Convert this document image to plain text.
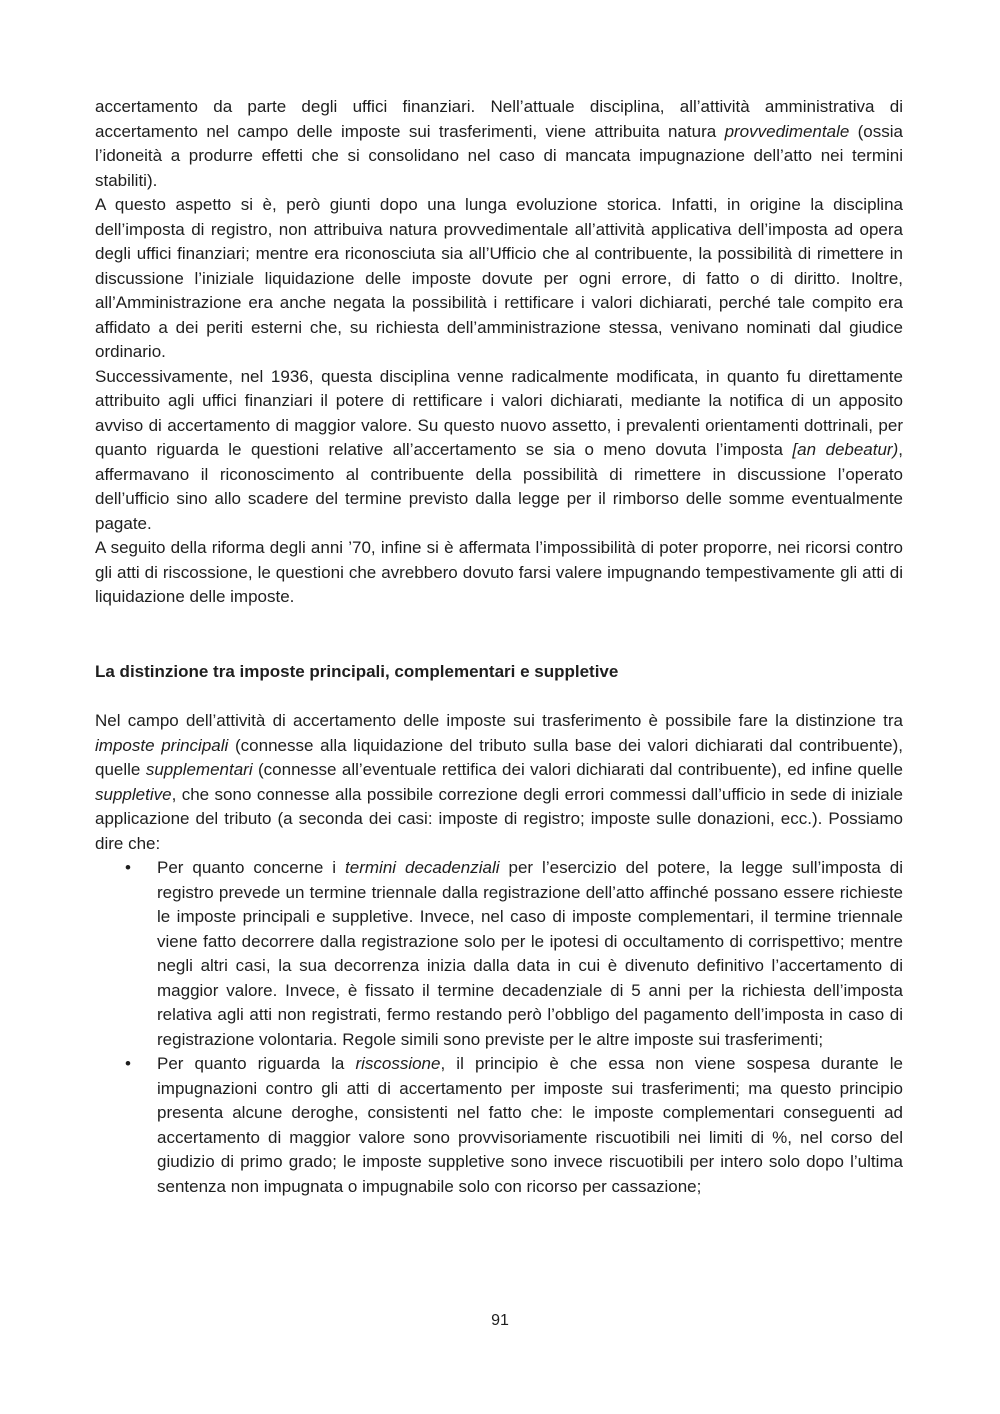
accertamento da parte degli uffici finanziari. Nell’attuale disciplina, all’attività amministrativa di accertamento nel campo delle imposte sui trasferimenti, viene attribuita natura provvedimentale (ossia l’idoneità a produrre effetti che si consolidano nel caso di mancata impugnazione dell’atto nei termini stabiliti).

A questo aspetto si è, però giunti dopo una lunga evoluzione storica. Infatti, in origine la disciplina dell’imposta di registro, non attribuiva natura provvedimentale all’attività applicativa dell’imposta ad opera degli uffici finanziari; mentre era riconosciuta sia all’Ufficio che al contribuente, la possibilità di rimettere in discussione l’iniziale liquidazione delle imposte dovute per ogni errore, di fatto o di diritto. Inoltre, all’Amministrazione era anche negata la possibilità i rettificare i valori dichiarati, perché tale compito era affidato a dei periti esterni che, su richiesta dell’amministrazione stessa, venivano nominati dal giudice ordinario.

Successivamente, nel 1936, questa disciplina venne radicalmente modificata, in quanto fu direttamente attribuito agli uffici finanziari il potere di rettificare i valori dichiarati, mediante la notifica di un apposito avviso di accertamento di maggior valore. Su questo nuovo assetto, i prevalenti orientamenti dottrinali, per quanto riguarda le questioni relative all’accertamento se sia o meno dovuta l’imposta [an debeatur), affermavano il riconoscimento al contribuente della possibilità di rimettere in discussione l’operato dell’ufficio sino allo scadere del termine previsto dalla legge per il rimborso delle somme eventualmente pagate.

A seguito della riforma degli anni ’70, infine si è affermata l’impossibilità di poter proporre, nei ricorsi contro gli atti di riscossione, le questioni che avrebbero dovuto farsi valere impugnando tempestivamente gli atti di liquidazione delle imposte.

La distinzione tra imposte principali, complementari e suppletive

Nel campo dell’attività di accertamento delle imposte sui trasferimento è possibile fare la distinzione tra imposte principali (connesse alla liquidazione del tributo sulla base dei valori dichiarati dal contribuente), quelle supplementari (connesse all’eventuale rettifica dei valori dichiarati dal contribuente), ed infine quelle suppletive, che sono connesse alla possibile correzione degli errori commessi dall’ufficio in sede di iniziale applicazione del tributo (a seconda dei casi: imposte di registro; imposte sulle donazioni, ecc.). Possiamo dire che:

• Per quanto concerne i termini decadenziali per l’esercizio del potere, la legge sull’imposta di registro prevede un termine triennale dalla registrazione dell’atto affinché possano essere richieste le imposte principali e suppletive. Invece, nel caso di imposte complementari, il termine triennale viene fatto decorrere dalla registrazione solo per le ipotesi di occultamento di corrispettivo; mentre negli altri casi, la sua decorrenza inizia dalla data in cui è divenuto definitivo l’accertamento di maggior valore. Invece, è fissato il termine decadenziale di 5 anni per la richiesta dell’imposta relativa agli atti non registrati, fermo restando però l’obbligo del pagamento dell’imposta in caso di registrazione volontaria. Regole simili sono previste per le altre imposte sui trasferimenti;

• Per quanto riguarda la riscossione, il principio è che essa non viene sospesa durante le impugnazioni contro gli atti di accertamento per imposte sui trasferimenti; ma questo principio presenta alcune deroghe, consistenti nel fatto che: le imposte complementari conseguenti ad accertamento di maggior valore sono provvisoriamente riscuotibili nei limiti di %, nel corso del giudizio di primo grado; le imposte suppletive sono invece riscuotibili per intero solo dopo l’ultima sentenza non impugnata o impugnabile solo con ricorso per cassazione;

91
